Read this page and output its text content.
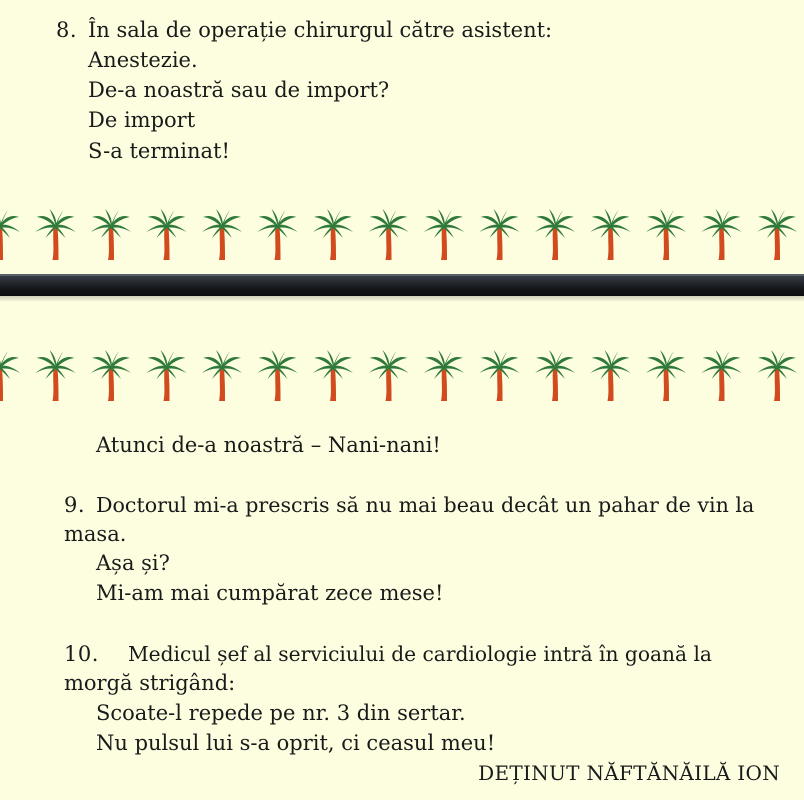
8. În sala de operație chirurgul către asistent:
Anestezie.
De-a noastră sau de import?
De import
S-a terminat!
Atunci de-a noastră – Nani-nani!
9. Doctorul mi-a prescris să nu mai beau decât un pahar de vin la
masa.
Așa și?
Mi-am mai cumpărat zece mese!
10. Medicul șef al serviciului de cardiologie intră în goană la
morgă strigând:
Scoate-l repede pe nr. 3 din sertar.
Nu pulsul lui s-a oprit, ci ceasul meu!
DEȚINUT NĂFTĂNĂILĂ ION
